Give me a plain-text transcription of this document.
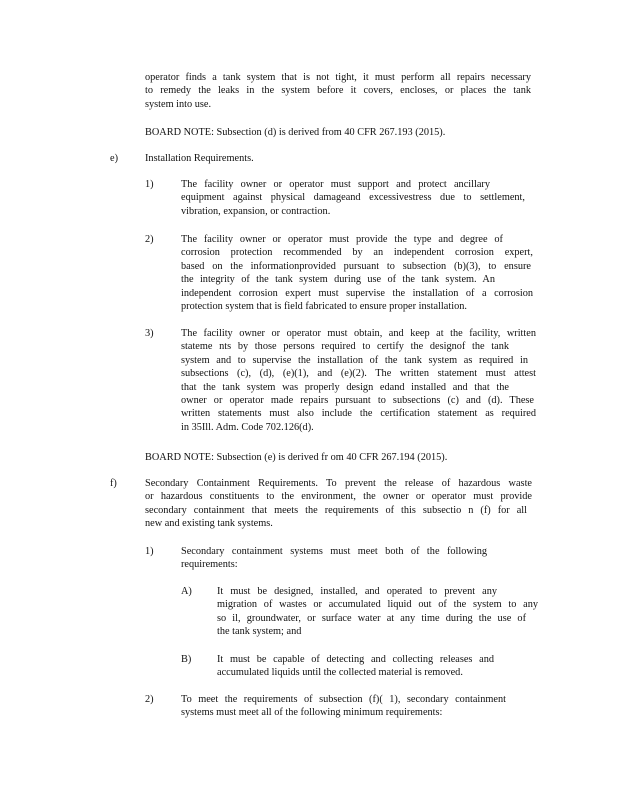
operator finds a tank system that is not tight, it must perform all repairs necessary
to remedy the leaks in the system before it covers, encloses, or places the tank
system into use.
BOARD NOTE: Subsection (d) is derived from 40 CFR 267.193 (2015).
e)	Installation Requirements.
1)	The facility owner or operator must support and protect ancillary
equipment against physical damageand excessivestress due to settlement,
vibration, expansion, or contraction.
2)	The facility owner or operator must provide the type and degree of
corrosion protection recommended by an independent corrosion expert,
based on the informationprovided pursuant to subsection (b)(3), to ensure
the integrity of the tank system during use of the tank system. An
independent corrosion expert must supervise the installation of a corrosion
protection system that is field fabricated to ensure proper installation.
3)	The facility owner or operator must obtain, and keep at the facility, written
stateme nts by those persons required to certify the designof the tank
system and to supervise the installation of the tank system as required in
subsections (c), (d), (e)(1), and (e)(2). The written statement must attest
that the tank system was properly design edand installed and that the
owner or operator made repairs pursuant to subsections (c) and (d). These
written statements must also include the certification statement as required
in 35Ill. Adm. Code 702.126(d).
BOARD NOTE: Subsection (e) is derived fr om 40 CFR 267.194 (2015).
f)	Secondary Containment Requirements. To prevent the release of hazardous waste
or hazardous constituents to the environment, the owner or operator must provide
secondary containment that meets the requirements of this subsectio n (f) for all
new and existing tank systems.
1)	Secondary containment systems must meet both of the following
requirements:
A) It must be designed, installed, and operated to prevent any
migration of wastes or accumulated liquid out of the system to any
so il, groundwater, or surface water at any time during the use of
the tank system; and
B) It must be capable of detecting and collecting releases and
accumulated liquids until the collected material is removed.
2)	To meet the requirements of subsection (f)( 1), secondary containment
systems must meet all of the following minimum requirements:
